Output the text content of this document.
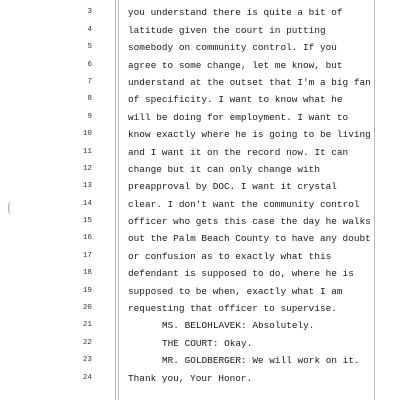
3	you understand there is quite a bit of
4	latitude given the court in putting
5	somebody on community control. If you
6	agree to some change, let me know, but
7	understand at the outset that I'm a big fan
8	of specificity. I want to know what he
9	will be doing for employment. I want to
10	know exactly where he is going to be living
11	and I want it on the record now. It can
12	change but it can only change with
13	preapproval by DOC. I want it crystal
14	clear. I don't want the community control
15	officer who gets this case the day he walks
16	out the Palm Beach County to have any doubt
17	or confusion as to exactly what this
18	defendant is supposed to do, where he is
19	supposed to be when, exactly what I am
20	requesting that officer to supervise.
21	MS. BELOHLAVEK: Absolutely.
22	THE COURT: Okay.
23	MR. GOLDBERGER: We will work on it.
24	Thank you, Your Honor.
